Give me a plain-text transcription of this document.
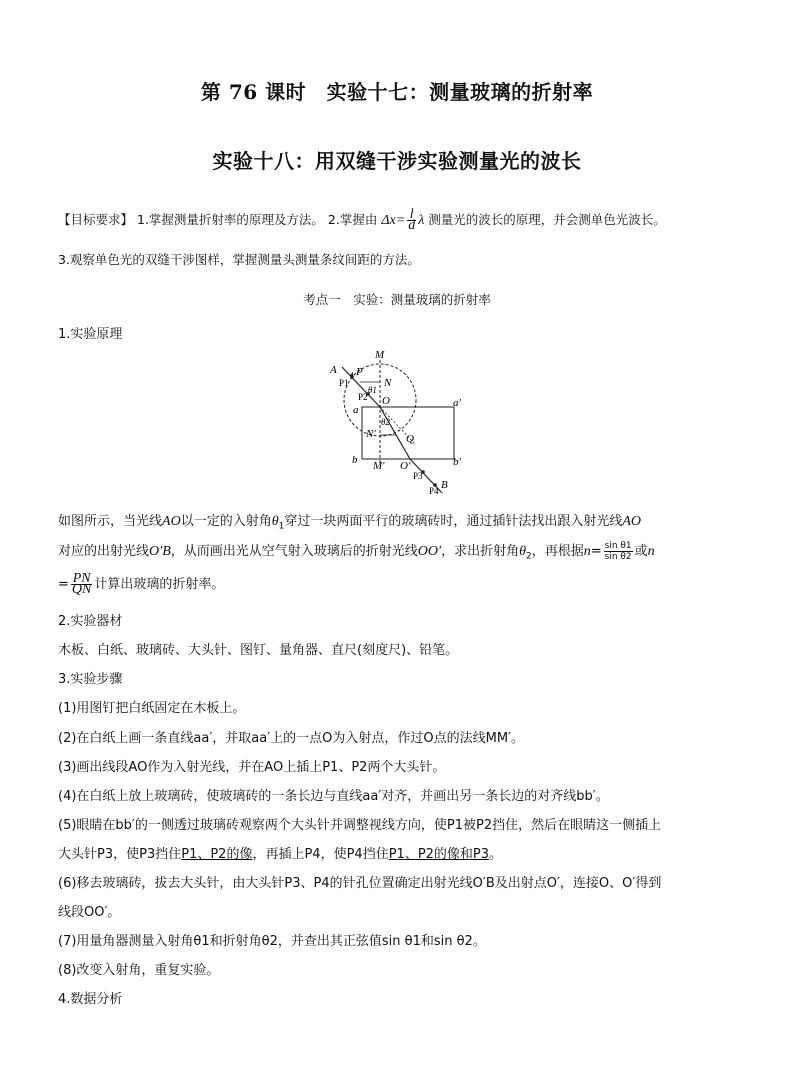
第 76 课时　实验十七：测量玻璃的折射率
实验十八：用双缝干涉实验测量光的波长
【目标要求】 1.掌握测量折射率的原理及方法。 2.掌握由 $\Delta x= \frac{l}{d}$ λ 测量光的波长的原理，并会测单色光波长。
3.观察单色光的双缝干涉图样，掌握测量头测量条纹间距的方法。
考点一　实验：测量玻璃的折射率
1.实验原理
A P
P1
P2
M
N
θ1
O
a
a′
N′
θ2
Q
b M′ O′	b′
P3
P4 B
如图所示，当光线AO以一定的入射角$\theta_1$穿过一块两面平行的玻璃砖时，通过插针法找出跟入射光线AO
对应的出射光线O′B，从而画出光从空气射入玻璃后的折射光线OO′，求出折射角$\theta_2$，再根据$n= \frac{\text{sin θ1}}{\text{sin θ2}}$ 或n
= $\frac{PN}{QN}$ 计算出玻璃的折射率。
2.实验器材
木板、白纸、玻璃砖、大头针、图钉、量角器、直尺(刻度尺)、铅笔。
3.实验步骤
(1)用图钉把白纸固定在木板上。
(2)在白纸上画一条直线aa′，并取aa′上的一点O为入射点，作过O点的法线MM′。
(3)画出线段AO作为入射光线，并在AO上插上P1、P2两个大头针。
(4)在白纸上放上玻璃砖，使玻璃砖的一条长边与直线aa′对齐，并画出另一条长边的对齐线bb′。
(5)眼睛在bb′的一侧透过玻璃砖观察两个大头针并调整视线方向，使P1被P2挡住，然后在眼睛这一侧插上
大头针P3，使P3挡住P1、P2的像，再插上P4，使P4挡住P1、P2的像和P3。
(6)移去玻璃砖，拔去大头针，由大头针P3、P4的针孔位置确定出射光线O′B及出射点O′，连接O、O′得到
线段OO′。
(7)用量角器测量入射角θ1和折射角θ2，并查出其正弦值sin θ1和sin θ2。
(8)改变入射角，重复实验。
4.数据分析
